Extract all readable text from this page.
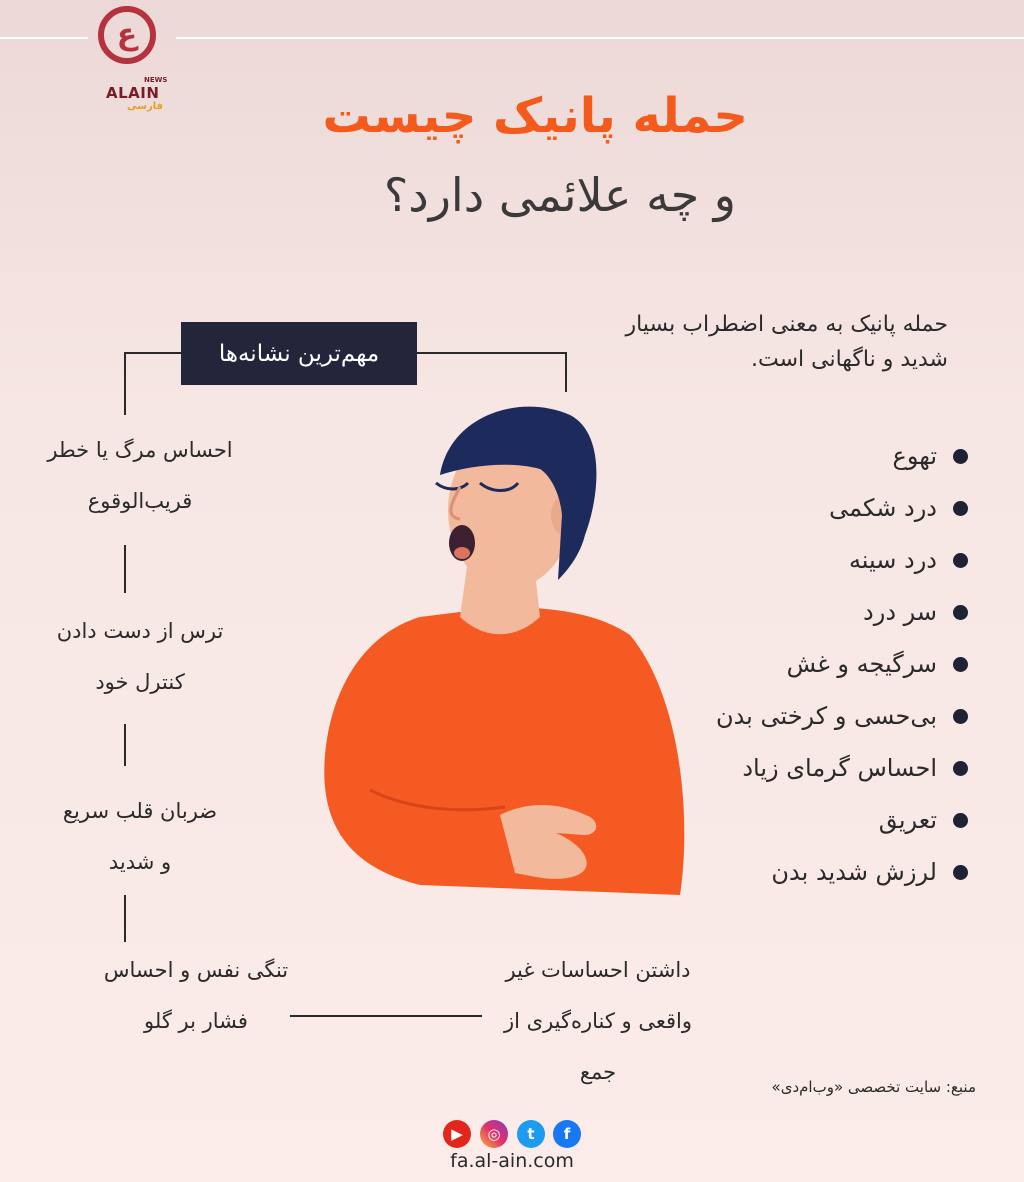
ع
NEWS
ALAIN
فارسی	حمله پانیک چیست
و چه علائمی دارد؟
حمله پانیک به معنی اضطراب بسیار شدید و ناگهانی است.
تهوع
درد شکمی
درد سینه
سر درد
سرگیجه و غش
بی‌حسی و کرختی بدن
احساس گرمای زیاد
تعریق
لرزش شدید بدن
مهم‌ترین نشانه‌ها
احساس مرگ یا خطر
قریب‌الوقوع
ترس از دست دادن
کنترل خود
ضربان قلب سریع
و شدید
تنگی نفس و احساس
فشار بر گلو
داشتن احساسات غیر
واقعی و کناره‌گیری از
جمع
منبع: سایت تخصصی «وب‌ام‌دی»
▶ ◎ t f
fa.al-ain.com
